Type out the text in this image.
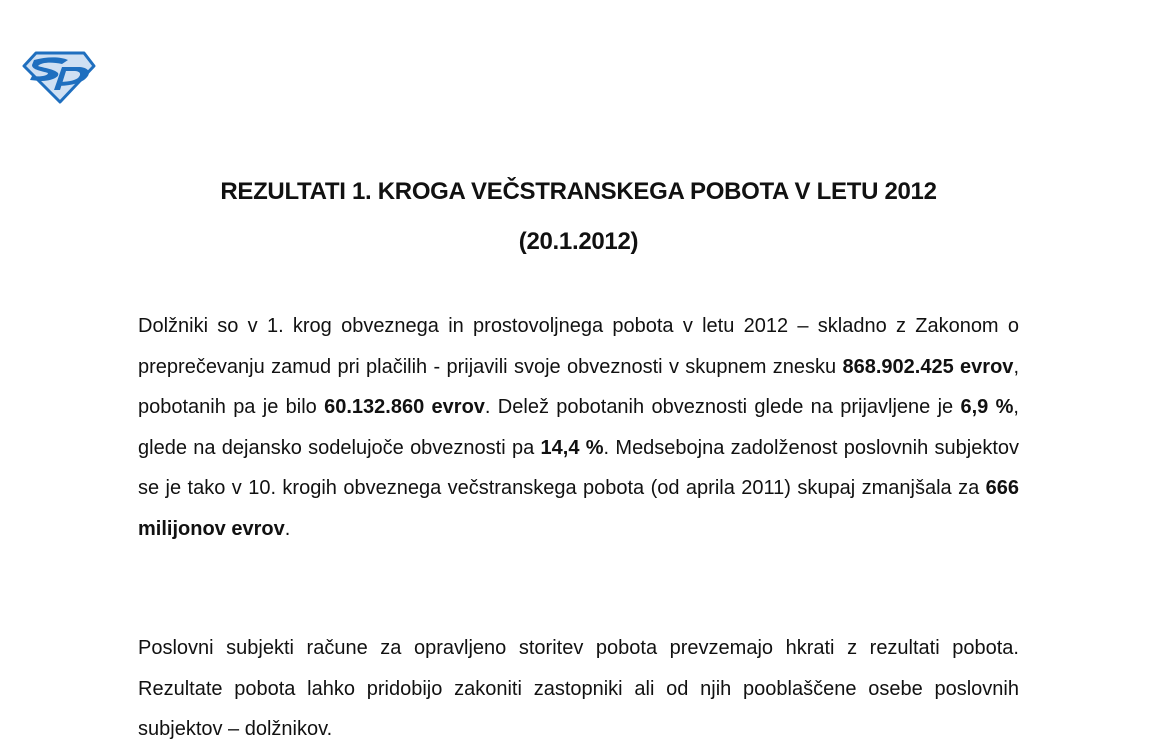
REZULTATI 1. KROGA VEČSTRANSKEGA POBOTA V LETU 2012
(20.1.2012)
Dolžniki so v 1. krog obveznega in prostovoljnega pobota v letu 2012 – skladno z Zakonom o preprečevanju zamud pri plačilih - prijavili svoje obveznosti v skupnem znesku 868.902.425 evrov, pobotanih pa je bilo 60.132.860 evrov. Delež pobotanih obveznosti glede na prijavljene je 6,9 %, glede na dejansko sodelujoče obveznosti pa 14,4 %. Medsebojna zadolženost poslovnih subjektov se je tako v 10. krogih obveznega večstranskega pobota (od aprila 2011) skupaj zmanjšala za 666 milijonov evrov.
Poslovni subjekti račune za opravljeno storitev pobota prevzemajo hkrati z rezultati pobota. Rezultate pobota lahko pridobijo zakoniti zastopniki ali od njih pooblaščene osebe poslovnih subjektov – dolžnikov.
